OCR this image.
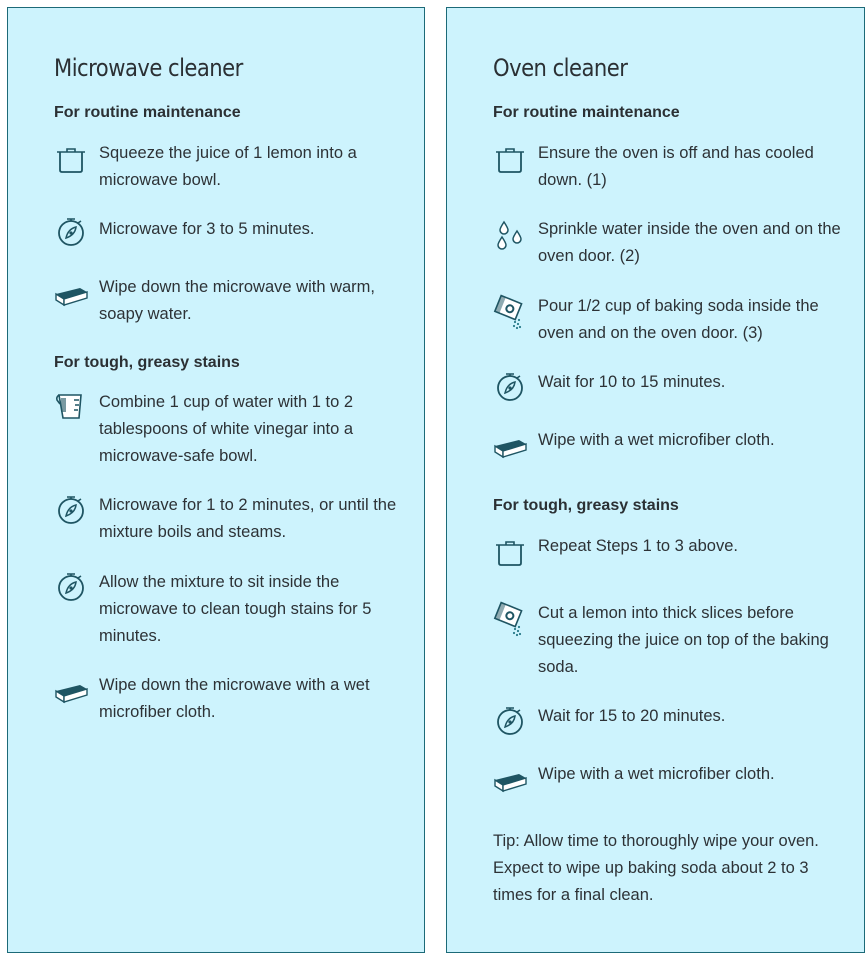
Microwave cleaner
For routine maintenance
Squeeze the juice of 1 lemon into a microwave bowl.
Microwave for 3 to 5 minutes.
Wipe down the microwave with warm, soapy water.
For tough, greasy stains
Combine 1 cup of water with 1 to 2 tablespoons of white vinegar into a microwave-safe bowl.
Microwave for 1 to 2 minutes, or until the mixture boils and steams.
Allow the mixture to sit inside the microwave to clean tough stains for 5 minutes.
Wipe down the microwave with a wet microfiber cloth.
Oven cleaner
For routine maintenance
Ensure the oven is off and has cooled down. (1)
Sprinkle water inside the oven and on the oven door. (2)
Pour 1/2 cup of baking soda inside the oven and on the oven door. (3)
Wait for 10 to 15 minutes.
Wipe with a wet microfiber cloth.
For tough, greasy stains
Repeat Steps 1 to 3 above.
Cut a lemon into thick slices before squeezing the juice on top of the baking soda.
Wait for 15 to 20 minutes.
Wipe with a wet microfiber cloth.
Tip: Allow time to thoroughly wipe your oven. Expect to wipe up baking soda about 2 to 3 times for a final clean.
